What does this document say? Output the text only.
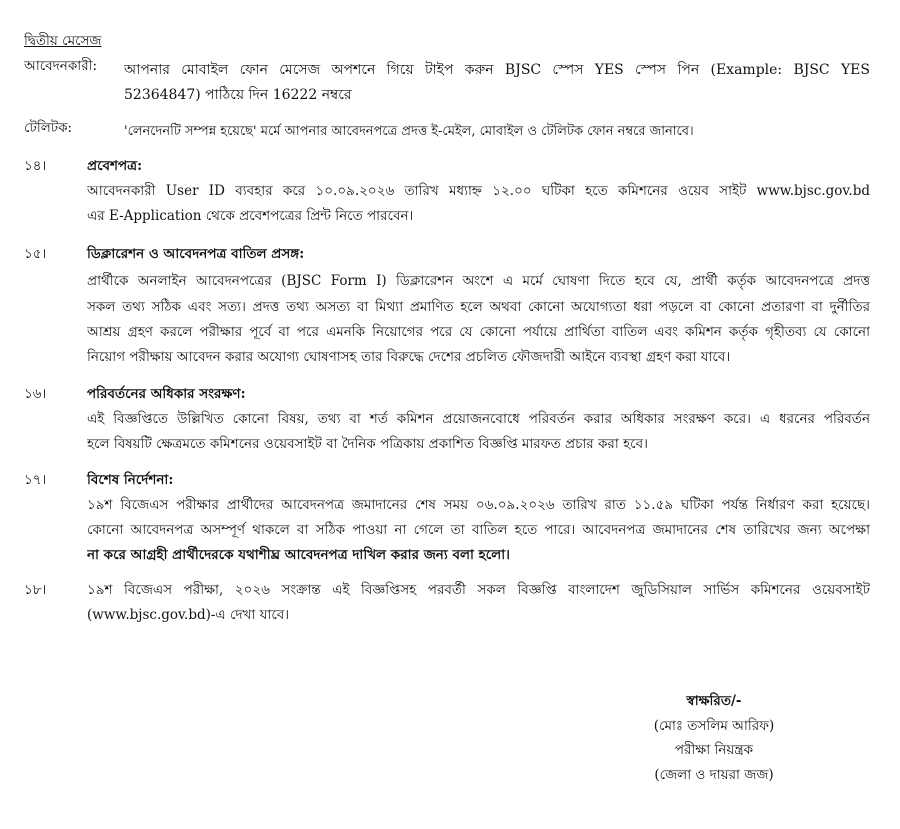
দ্বিতীয় মেসেজ
আবেদনকারী: আপনার মোবাইল ফোন মেসেজ অপশনে গিয়ে টাইপ করুন BJSC স্পেস YES স্পেস পিন (Example: BJSC YES
52364847) পাঠিয়ে দিন 16222 নম্বরে
টেলিটক:	'লেনদেনটি সম্পন্ন হয়েছে' মর্মে আপনার আবেদনপত্রে প্রদত্ত ই-মেইল, মোবাইল ও টেলিটক ফোন নম্বরে জানাবে।
১৪।	প্রবেশপত্র:
আবেদনকারী User ID ব্যবহার করে ১০.০৯.২০২৬ তারিখ মধ্যাহ্ন ১২.০০ ঘটিকা হতে কমিশনের ওয়েব সাইট www.bjsc.gov.bd
এর E-Application থেকে প্রবেশপত্রের প্রিন্ট নিতে পারবেন।
১৫।	ডিক্লারেশন ও আবেদনপত্র বাতিল প্রসঙ্গ:
প্রার্থীকে অনলাইন আবেদনপত্রের (BJSC Form I) ডিক্লারেশন অংশে এ মর্মে ঘোষণা দিতে হবে যে, প্রার্থী কর্তৃক আবেদনপত্রে প্রদত্ত
সকল তথ্য সঠিক এবং সত্য। প্রদত্ত তথ্য অসত্য বা মিথ্যা প্রমাণিত হলে অথবা কোনো অযোগ্যতা ধরা পড়লে বা কোনো প্রতারণা বা দুর্নীতির
আশ্রয় গ্রহণ করলে পরীক্ষার পূর্বে বা পরে এমনকি নিয়োগের পরে যে কোনো পর্যায়ে প্রার্থিতা বাতিল এবং কমিশন কর্তৃক গৃহীতব্য যে কোনো
নিয়োগ পরীক্ষায় আবেদন করার অযোগ্য ঘোষণাসহ তার বিরুদ্ধে দেশের প্রচলিত ফৌজদারী আইনে ব্যবস্থা গ্রহণ করা যাবে।
১৬।	পরিবর্তনের অধিকার সংরক্ষণ:
এই বিজ্ঞপ্তিতে উল্লিখিত কোনো বিষয়, তথ্য বা শর্ত কমিশন প্রয়োজনবোধে পরিবর্তন করার অধিকার সংরক্ষণ করে। এ ধরনের পরিবর্তন
হলে বিষয়টি ক্ষেত্রমতে কমিশনের ওয়েবসাইট বা দৈনিক পত্রিকায় প্রকাশিত বিজ্ঞপ্তি মারফত প্রচার করা হবে।
১৭।	বিশেষ নির্দেশনা:
১৯শ বিজেএস পরীক্ষার প্রার্থীদের আবেদনপত্র জমাদানের শেষ সময় ০৬.০৯.২০২৬ তারিখ রাত ১১.৫৯ ঘটিকা পর্যন্ত নির্ধারণ করা হয়েছে।
কোনো আবেদনপত্র অসম্পূর্ণ থাকলে বা সঠিক পাওয়া না গেলে তা বাতিল হতে পারে। আবেদনপত্র জমাদানের শেষ তারিখের জন্য অপেক্ষা
না করে আগ্রহী প্রার্থীদেরকে যথাশীঘ্র আবেদনপত্র দাখিল করার জন্য বলা হলো।
১৮।	১৯শ বিজেএস পরীক্ষা, ২০২৬ সংক্রান্ত এই বিজ্ঞপ্তিসহ পরবর্তী সকল বিজ্ঞপ্তি বাংলাদেশ জুডিসিয়াল সার্ভিস কমিশনের ওয়েবসাইট
(www.bjsc.gov.bd)-এ দেখা যাবে।
স্বাক্ষরিত/-
(মোঃ তসলিম আরিফ)
পরীক্ষা নিয়ন্ত্রক
(জেলা ও দায়রা জজ)
